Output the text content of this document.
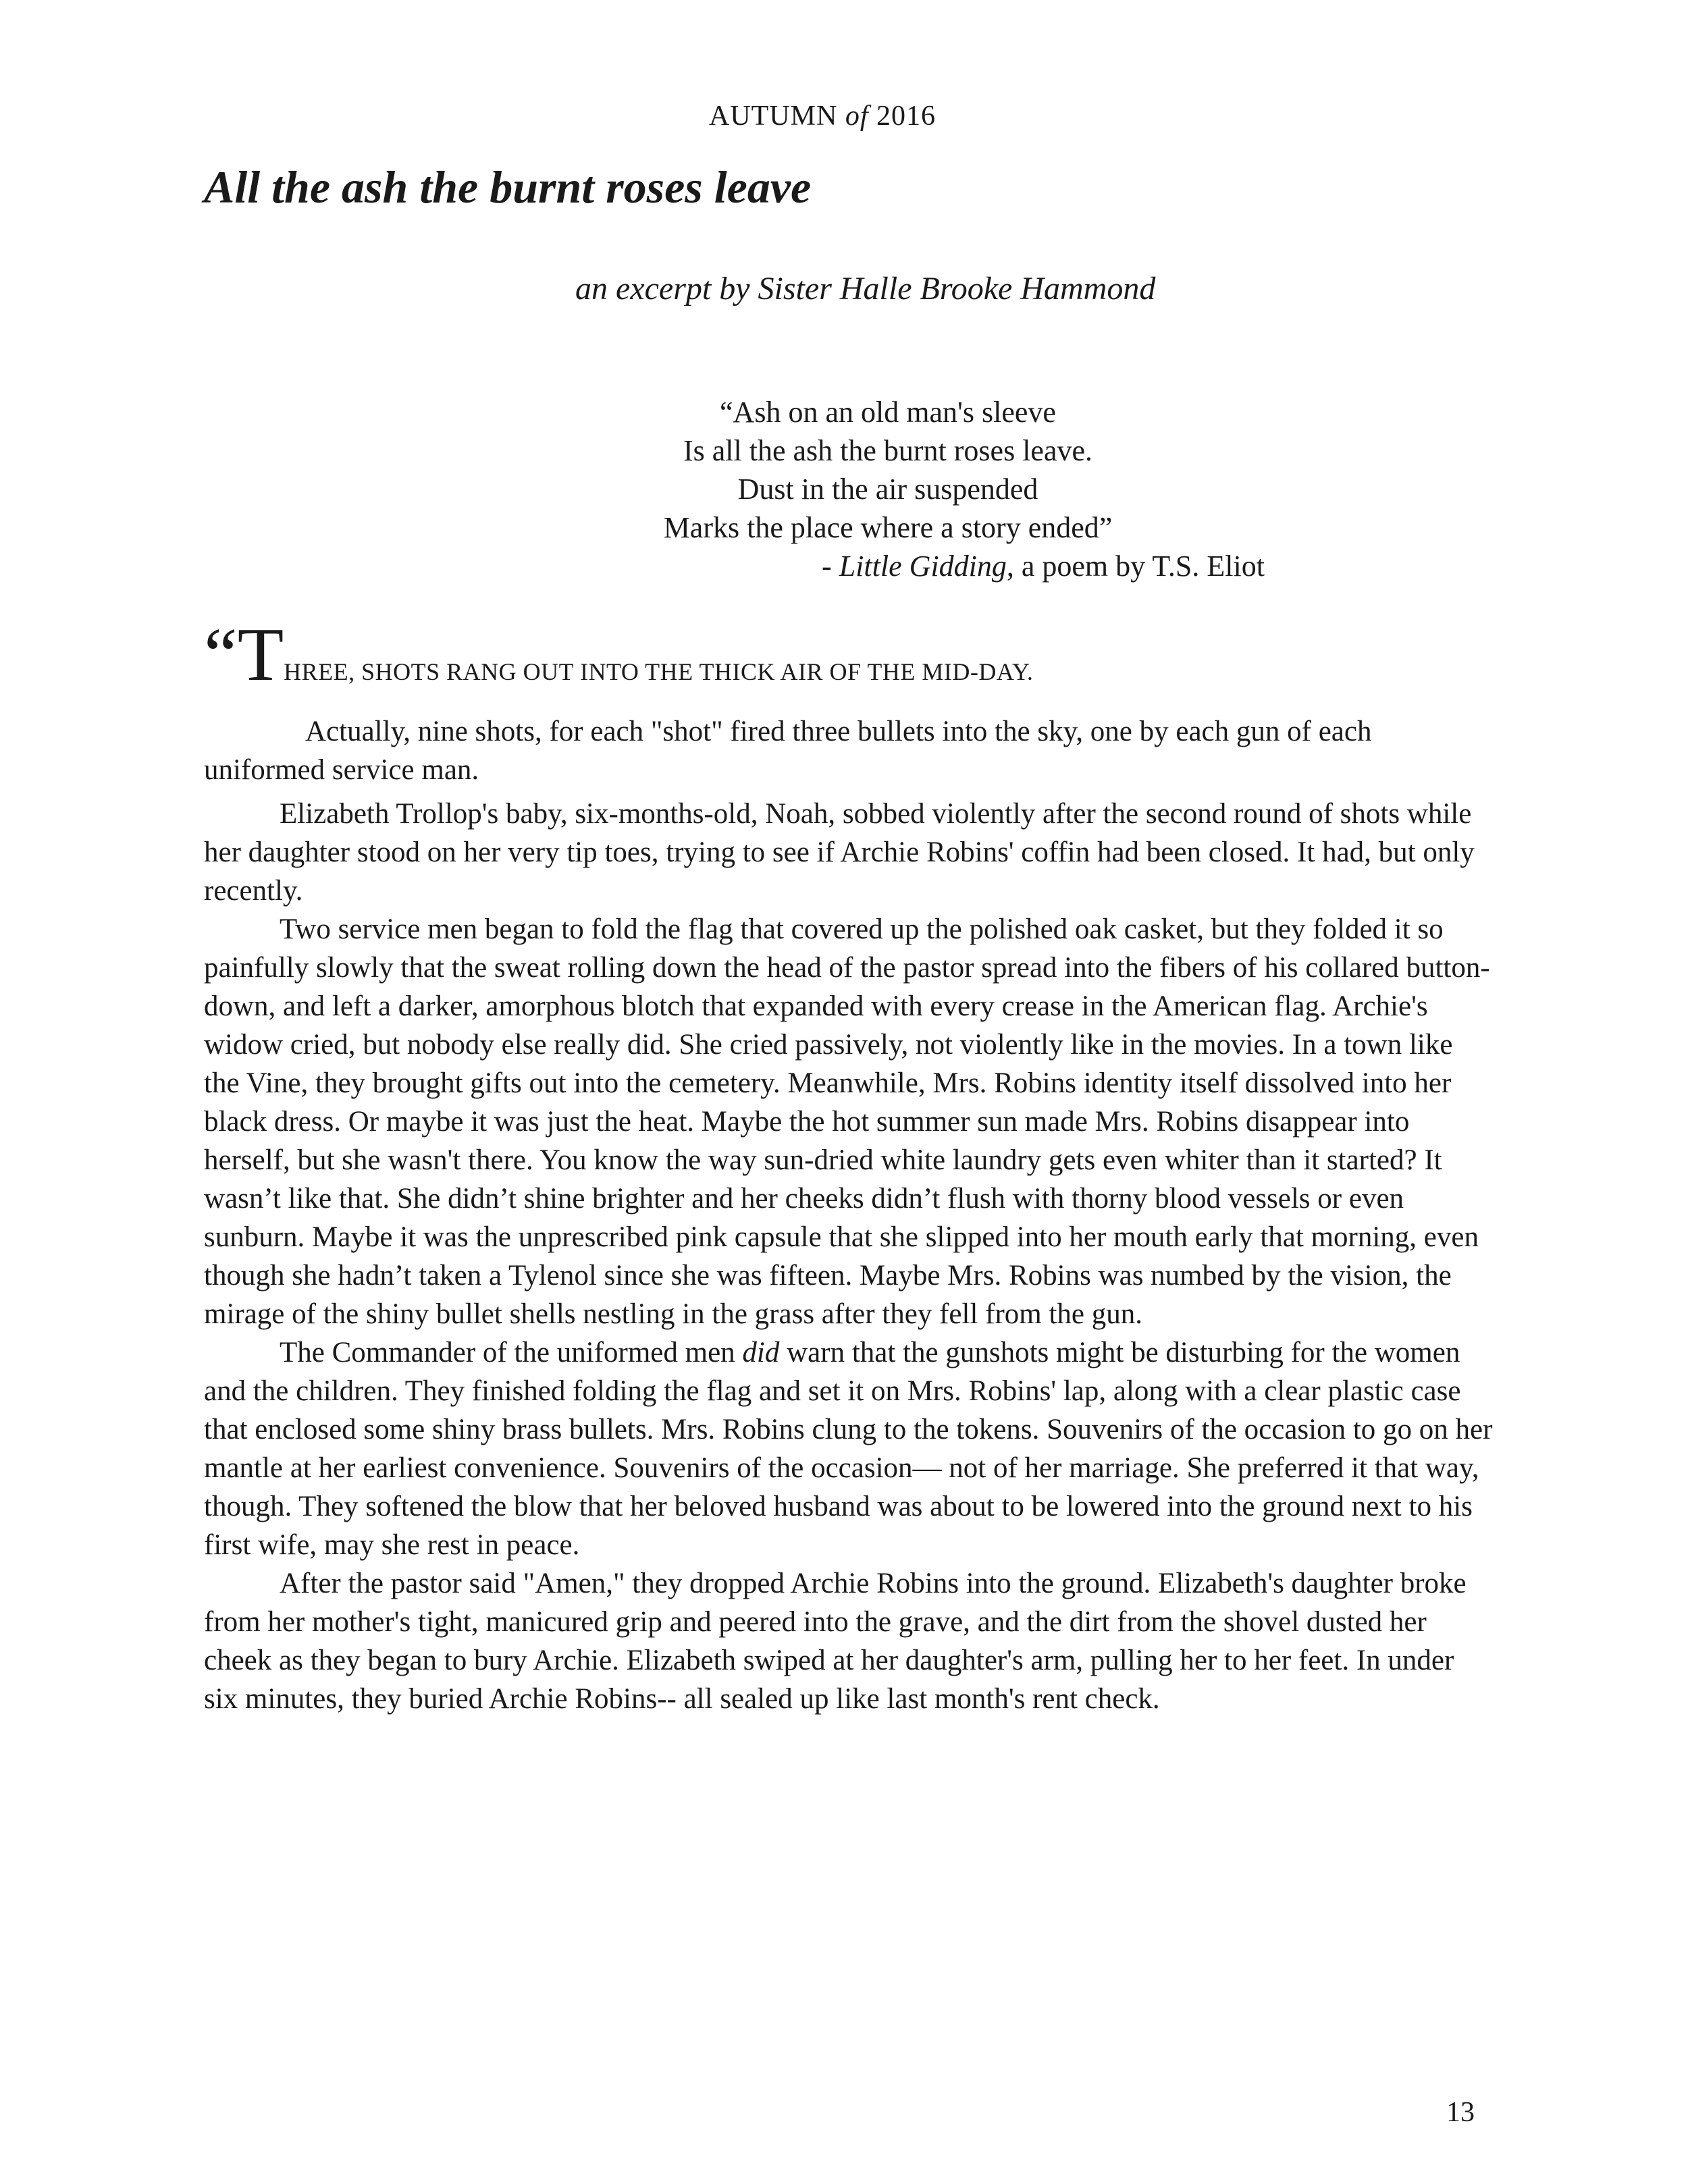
AUTUMN of 2016
All the ash the burnt roses leave
an excerpt by Sister Halle Brooke Hammond
“Ash on an old man's sleeve
Is all the ash the burnt roses leave.
Dust in the air suspended
Marks the place where a story ended”
- Little Gidding, a poem by T.S. Eliot
“THREE, SHOTS RANG OUT INTO THE THICK AIR OF THE MID-DAY.

Actually, nine shots, for each "shot" fired three bullets into the sky, one by each gun of each uniformed service man.

Elizabeth Trollop's baby, six-months-old, Noah, sobbed violently after the second round of shots while her daughter stood on her very tip toes, trying to see if Archie Robins' coffin had been closed. It had, but only recently.

Two service men began to fold the flag that covered up the polished oak casket, but they folded it so painfully slowly that the sweat rolling down the head of the pastor spread into the fibers of his collared button-down, and left a darker, amorphous blotch that expanded with every crease in the American flag. Archie's widow cried, but nobody else really did. She cried passively, not violently like in the movies. In a town like the Vine, they brought gifts out into the cemetery. Meanwhile, Mrs. Robins identity itself dissolved into her black dress. Or maybe it was just the heat. Maybe the hot summer sun made Mrs. Robins disappear into herself, but she wasn't there. You know the way sun-dried white laundry gets even whiter than it started? It wasn’t like that. She didn’t shine brighter and her cheeks didn’t flush with thorny blood vessels or even sunburn. Maybe it was the unprescribed pink capsule that she slipped into her mouth early that morning, even though she hadn’t taken a Tylenol since she was fifteen. Maybe Mrs. Robins was numbed by the vision, the mirage of the shiny bullet shells nestling in the grass after they fell from the gun.

The Commander of the uniformed men did warn that the gunshots might be disturbing for the women and the children. They finished folding the flag and set it on Mrs. Robins' lap, along with a clear plastic case that enclosed some shiny brass bullets. Mrs. Robins clung to the tokens. Souvenirs of the occasion to go on her mantle at her earliest convenience. Souvenirs of the occasion— not of her marriage. She preferred it that way, though. They softened the blow that her beloved husband was about to be lowered into the ground next to his first wife, may she rest in peace.

After the pastor said "Amen," they dropped Archie Robins into the ground. Elizabeth's daughter broke from her mother's tight, manicured grip and peered into the grave, and the dirt from the shovel dusted her cheek as they began to bury Archie. Elizabeth swiped at her daughter's arm, pulling her to her feet. In under six minutes, they buried Archie Robins-- all sealed up like last month's rent check.

13
